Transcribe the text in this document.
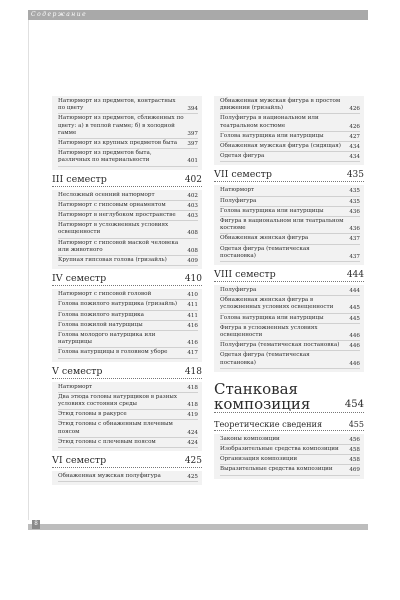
Содержание
Натюрморт из предметов, контрастных по цвету	394
Натюрморт из предметов, сближенных по цвету: а) в теплой гамме; б) в холодной гамме	397
Натюрморт из крупных предметов быта 397
Натюрморт из предметов быта, различных по материальности	401
III семестр	402
Несложный осенний натюрморт	402
Натюрморт с гипсовым орнаментом	403
Натюрморт в неглубоком пространстве 403
Натюрморт в усложненных условиях освещенности	408
Натюрморт с гипсовой маской человека или животного	408
Крупная гипсовая голова (гризайль)	409
IV семестр	410
Натюрморт с гипсовой головой	410
Голова пожилого натурщика (гризайль) 411
Голова пожилого натурщика	411
Голова пожилой натурщицы	416
Голова молодого натурщика или натурщицы	416
Голова натурщицы в головном уборе	417
V семестр	418
Натюрморт	418
Два этюда головы натурщиков в разных условиях состояния среды	418
Этюд головы в ракурсе	419
Этюд головы с обнаженным плечевым поясом	424
Этюд головы с плечевым поясом	424
VI семестр	425
Обнаженная мужская полуфигура	425
Обнаженная мужская фигура в простом движении (гризайль)	426
Полуфигура в национальном или театральном костюме	426
Голова натурщика или натурщицы	427
Обнаженная мужская фигура (сидящая) 434
Одетая фигура	434
VII семестр	435
Натюрморт	435
Полуфигура	435
Голова натурщика или натурщицы	436
Фигура в национальном или театральном костюме	436
Обнаженная женская фигура	437
Одетая фигура (тематическая постановка)	437
VIII семестр	444
Полуфигура	444
Обнаженная женская фигура в усложненных условиях освещенности	445
Голова натурщика или натурщицы	445
Фигура в усложненных условиях освещенности	446
Полуфигура (тематическая постановка) 446
Одетая фигура (тематическая постановка)	446
Станковая
композиция	454
Теоретические сведения	455
Законы композиции	456
Изобразительные средства композиции 458
Организация композиции	458
Выразительные средства композиции	469
8
